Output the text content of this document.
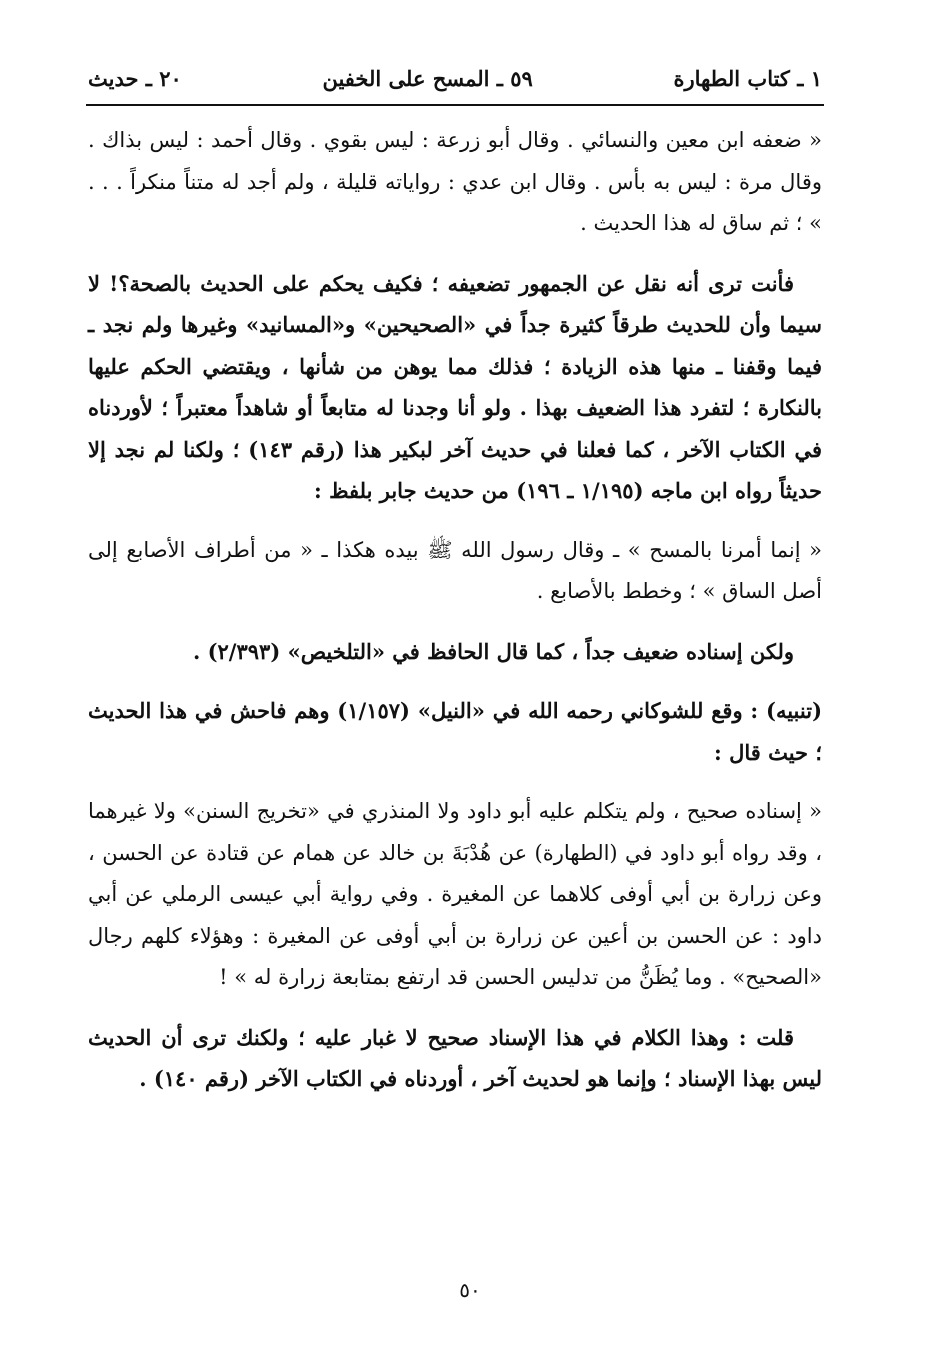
١ ـ كتاب الطهارة
٥٩ ـ المسح على الخفين
٢٠ ـ حديث

« ضعفه ابن معين والنسائي . وقال أبو زرعة : ليس بقوي . وقال أحمد : ليس بذاك . وقال مرة : ليس به بأس . وقال ابن عدي : رواياته قليلة ، ولم أجد له متناً منكراً . . . » ؛ ثم ساق له هذا الحديث .

فأنت ترى أنه نقل عن الجمهور تضعيفه ؛ فكيف يحكم على الحديث بالصحة؟! لا سيما وأن للحديث طرقاً كثيرة جداً في «الصحيحين» و«المسانيد» وغيرها ولم نجد ـ فيما وقفنا ـ منها هذه الزيادة ؛ فذلك مما يوهن من شأنها ، ويقتضي الحكم عليها بالنكارة ؛ لتفرد هذا الضعيف بهذا . ولو أنا وجدنا له متابعاً أو شاهداً معتبراً ؛ لأوردناه في الكتاب الآخر ، كما فعلنا في حديث آخر لبكير هذا (رقم ١٤٣) ؛ ولكنا لم نجد إلا حديثاً رواه ابن ماجه (١/١٩٥ ـ ١٩٦) من حديث جابر بلفظ :

« إنما أمرنا بالمسح » ـ وقال رسول الله ﷺ بيده هكذا ـ « من أطراف الأصابع إلى أصل الساق » ؛ وخطط بالأصابع .

ولكن إسناده ضعيف جداً ، كما قال الحافظ في «التلخيص» (٢/٣٩٣) .

(تنبيه) : وقع للشوكاني رحمه الله في «النيل» (١/١٥٧) وهم فاحش في هذا الحديث ؛ حيث قال :

« إسناده صحيح ، ولم يتكلم عليه أبو داود ولا المنذري في «تخريج السنن» ولا غيرهما ، وقد رواه أبو داود في (الطهارة) عن هُدْبَةَ بن خالد عن همام عن قتادة عن الحسن ، وعن زرارة بن أبي أوفى كلاهما عن المغيرة . وفي رواية أبي عيسى الرملي عن أبي داود : عن الحسن بن أعين عن زرارة بن أبي أوفى عن المغيرة : وهؤلاء كلهم رجال «الصحيح» . وما يُظَنُّ من تدليس الحسن قد ارتفع بمتابعة زرارة له » !

قلت : وهذا الكلام في هذا الإسناد صحيح لا غبار عليه ؛ ولكنك ترى أن الحديث ليس بهذا الإسناد ؛ وإنما هو لحديث آخر ، أوردناه في الكتاب الآخر (رقم ١٤٠) .

٥٠
